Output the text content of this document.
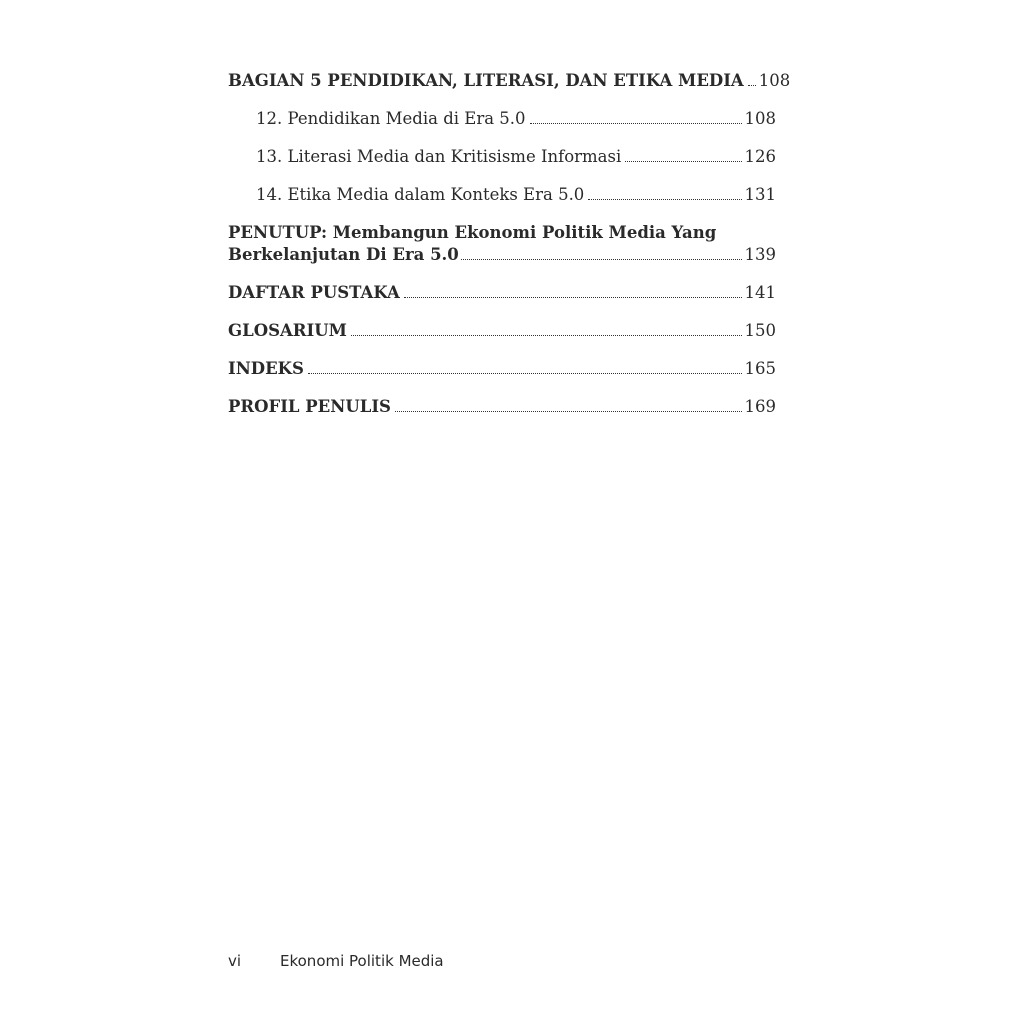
BAGIAN 5 PENDIDIKAN, LITERASI, DAN ETIKA MEDIA 108
12. Pendidikan Media di Era 5.0	108
13. Literasi Media dan Kritisisme Informasi	126
14. Etika Media dalam Konteks Era 5.0	131
PENUTUP: Membangun Ekonomi Politik Media Yang
Berkelanjutan Di Era 5.0	139
DAFTAR PUSTAKA	141
GLOSARIUM	150
INDEKS	165
PROFIL PENULIS	169
vi	Ekonomi Politik Media
